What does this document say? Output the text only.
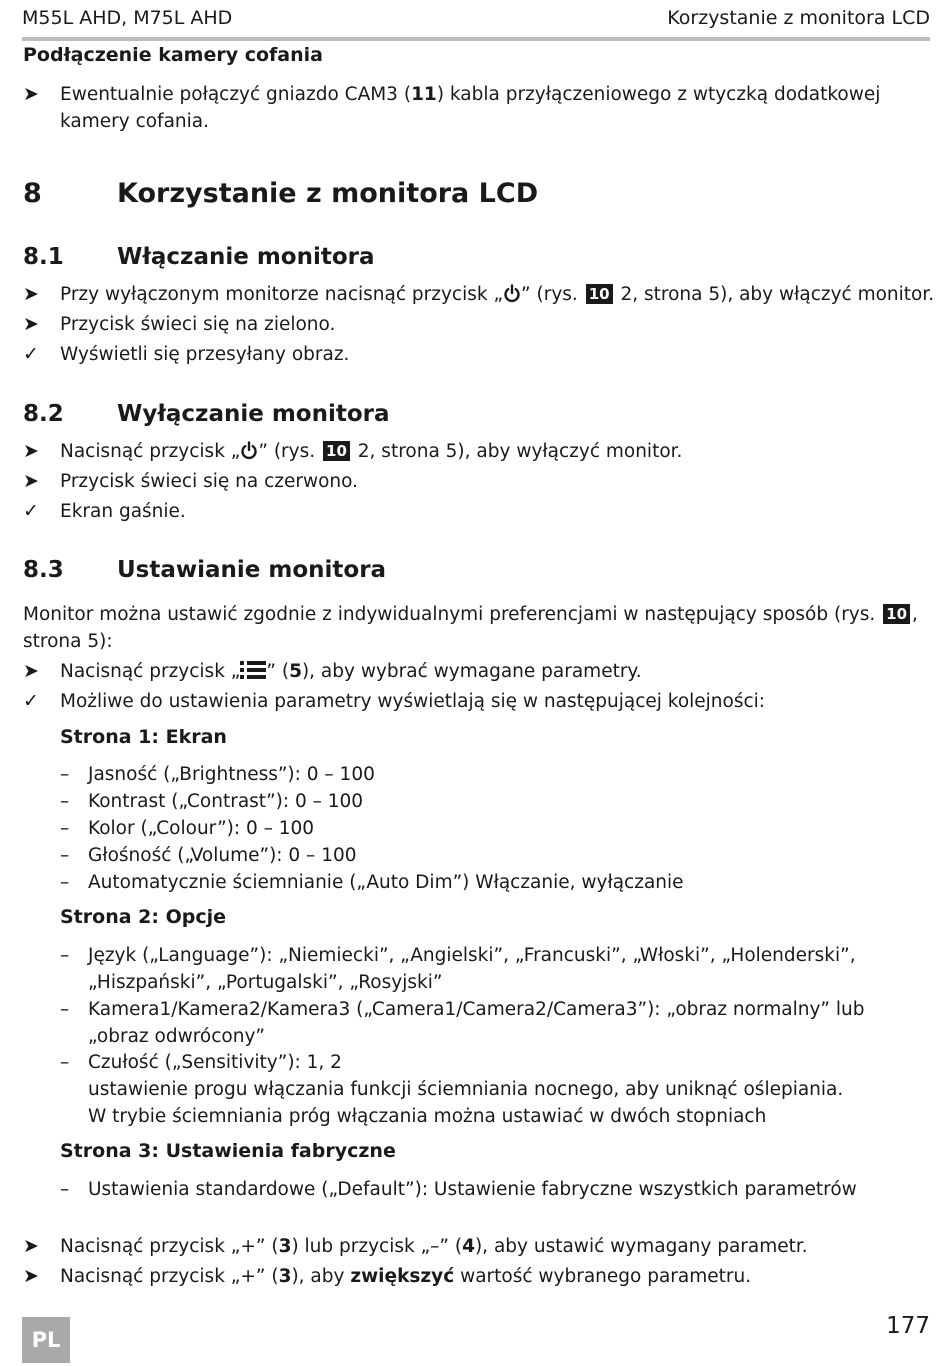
M55L AHD, M75L AHD	Korzystanie z monitora LCD
Podłączenie kamery cofania
➤	Ewentualnie połączyć gniazdo CAM3 (11) kabla przyłączeniowego z wtyczką dodatkowej
kamery cofania.
8	Korzystanie z monitora LCD
8.1 Włączanie monitora
➤	Przy wyłączonym monitorze nacisnąć przycisk „ ” (rys. 10 2, strona 5), aby włączyć monitor.
➤	Przycisk świeci się na zielono.
✓	Wyświetli się przesyłany obraz.
8.2 Wyłączanie monitora
➤	Nacisnąć przycisk „ ” (rys. 10 2, strona 5), aby wyłączyć monitor.
➤	Przycisk świeci się na czerwono.
✓	Ekran gaśnie.
8.3 Ustawianie monitora
Monitor można ustawić zgodnie z indywidualnymi preferencjami w następujący sposób (rys. 10 ,
strona 5):
➤	Nacisnąć przycisk „ ” (5), aby wybrać wymagane parametry.
✓	Możliwe do ustawienia parametry wyświetlają się w następującej kolejności:
Strona 1: Ekran
– Jasność („Brightness”): 0 – 100
– Kontrast („Contrast”): 0 – 100
– Kolor („Colour”): 0 – 100
– Głośność („Volume”): 0 – 100
– Automatycznie ściemnianie („Auto Dim”) Włączanie, wyłączanie
Strona 2: Opcje
– Język („Language”): „Niemiecki”, „Angielski”, „Francuski”, „Włoski”, „Holenderski”,
„Hiszpański”, „Portugalski”, „Rosyjski”
– Kamera1/Kamera2/Kamera3 („Camera1/Camera2/Camera3”): „obraz normalny” lub
„obraz odwrócony”
– Czułość („Sensitivity”): 1, 2
ustawienie progu włączania funkcji ściemniania nocnego, aby uniknąć oślepiania.
W trybie ściemniania próg włączania można ustawiać w dwóch stopniach
Strona 3: Ustawienia fabryczne
– Ustawienia standardowe („Default”): Ustawienie fabryczne wszystkich parametrów
➤	Nacisnąć przycisk „+” (3) lub przycisk „–” (4), aby ustawić wymagany parametr.
➤	Nacisnąć przycisk „+” (3), aby zwiększyć wartość wybranego parametru.
PL
177
